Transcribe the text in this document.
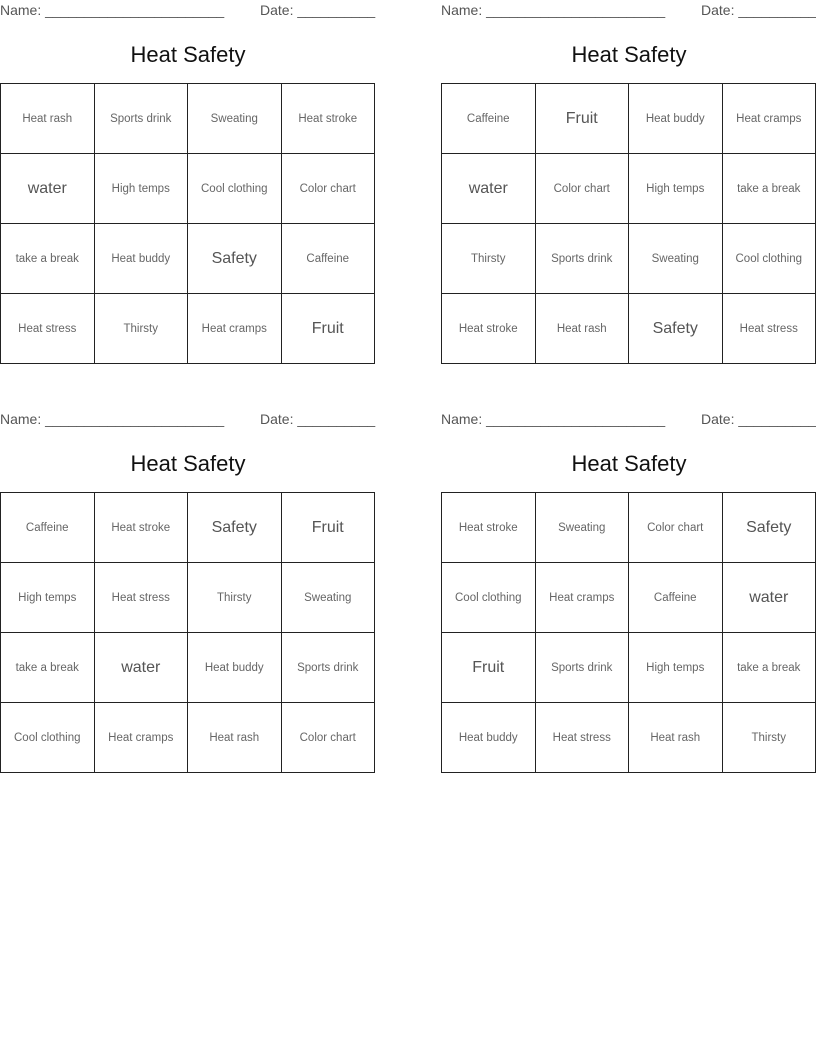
Name: _______________________	Date: __________
Heat Safety
Heat rash	Sports drink	Sweating	Heat stroke
water	High temps	Cool clothing	Color chart
take a break	Heat buddy	Safety	Caffeine
Heat stress	Thirsty	Heat cramps	Fruit
Name: _______________________	Date: __________
Heat Safety
Caffeine	Fruit	Heat buddy	Heat cramps
water	Color chart	High temps	take a break
Thirsty	Sports drink	Sweating	Cool clothing
Heat stroke	Heat rash	Safety	Heat stress
Name: _______________________	Date: __________
Heat Safety
Caffeine	Heat stroke	Safety	Fruit
High temps	Heat stress	Thirsty	Sweating
take a break	water	Heat buddy	Sports drink
Cool clothing	Heat cramps	Heat rash	Color chart
Name: _______________________	Date: __________
Heat Safety
Heat stroke	Sweating	Color chart	Safety
Cool clothing	Heat cramps	Caffeine	water
Fruit	Sports drink	High temps	take a break
Heat buddy	Heat stress	Heat rash	Thirsty
